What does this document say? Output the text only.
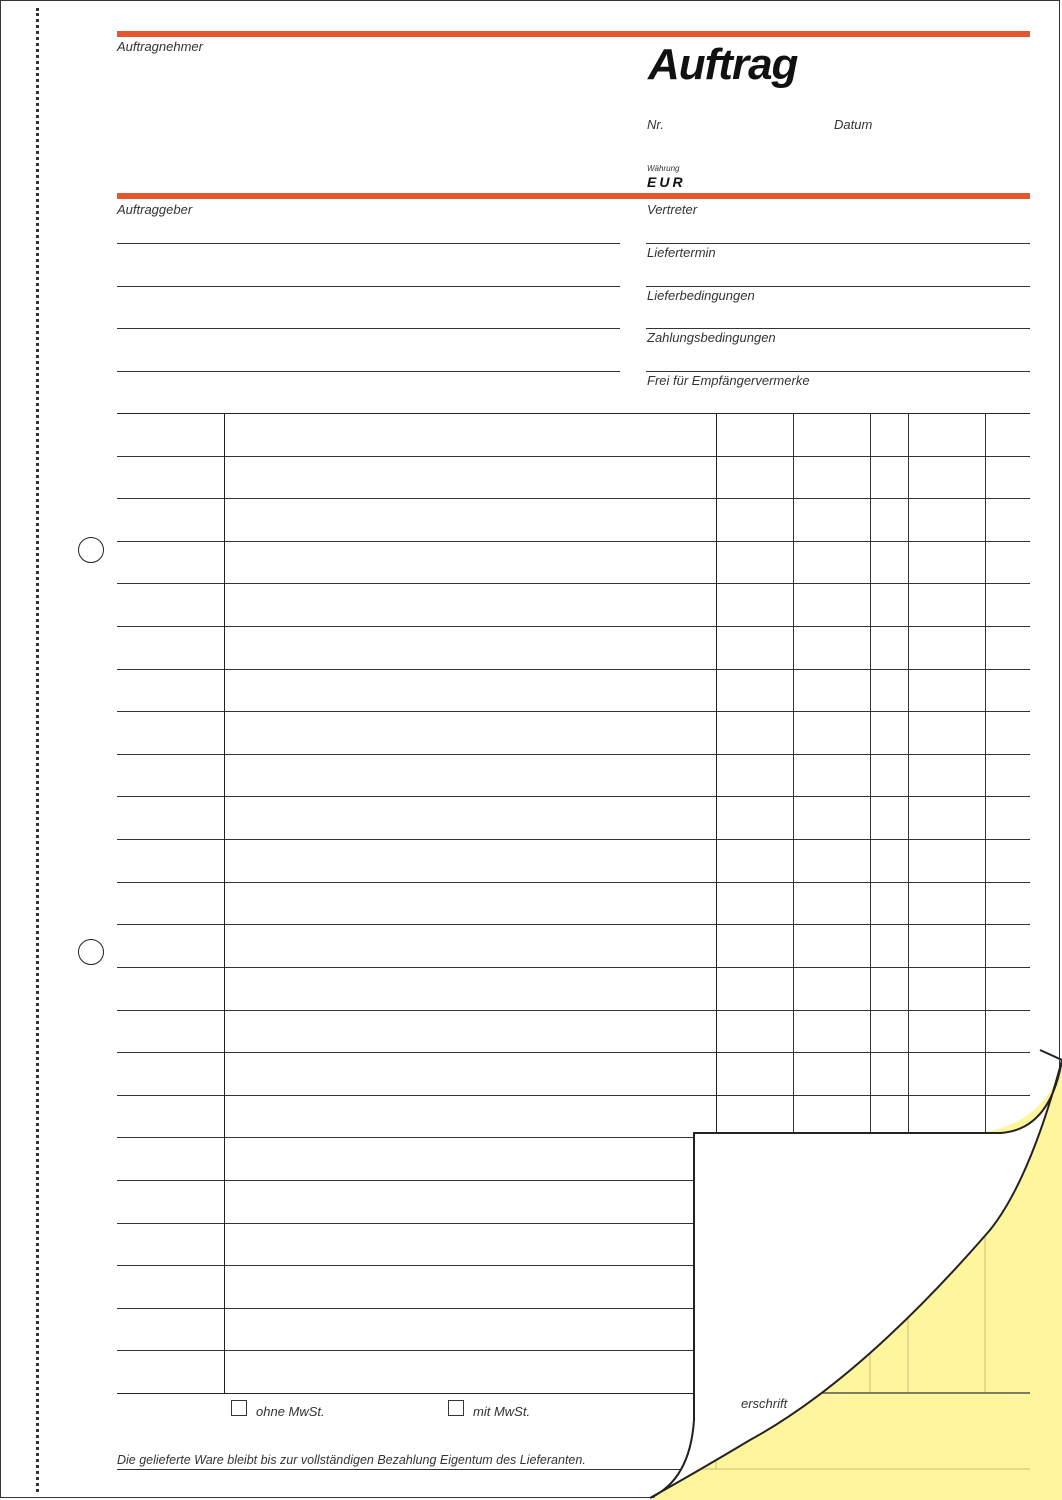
Auftragnehmer	Auftrag
Nr.	Datum
Währung
EUR
Auftraggeber	Vertreter
Liefertermin
Lieferbedingungen
Zahlungsbedingungen
Frei für Empfängervermerke
ohne MwSt.	mit MwSt.
Die gelieferte Ware bleibt bis zur vollständigen Bezahlung Eigentum des Lieferanten.
erschrift
